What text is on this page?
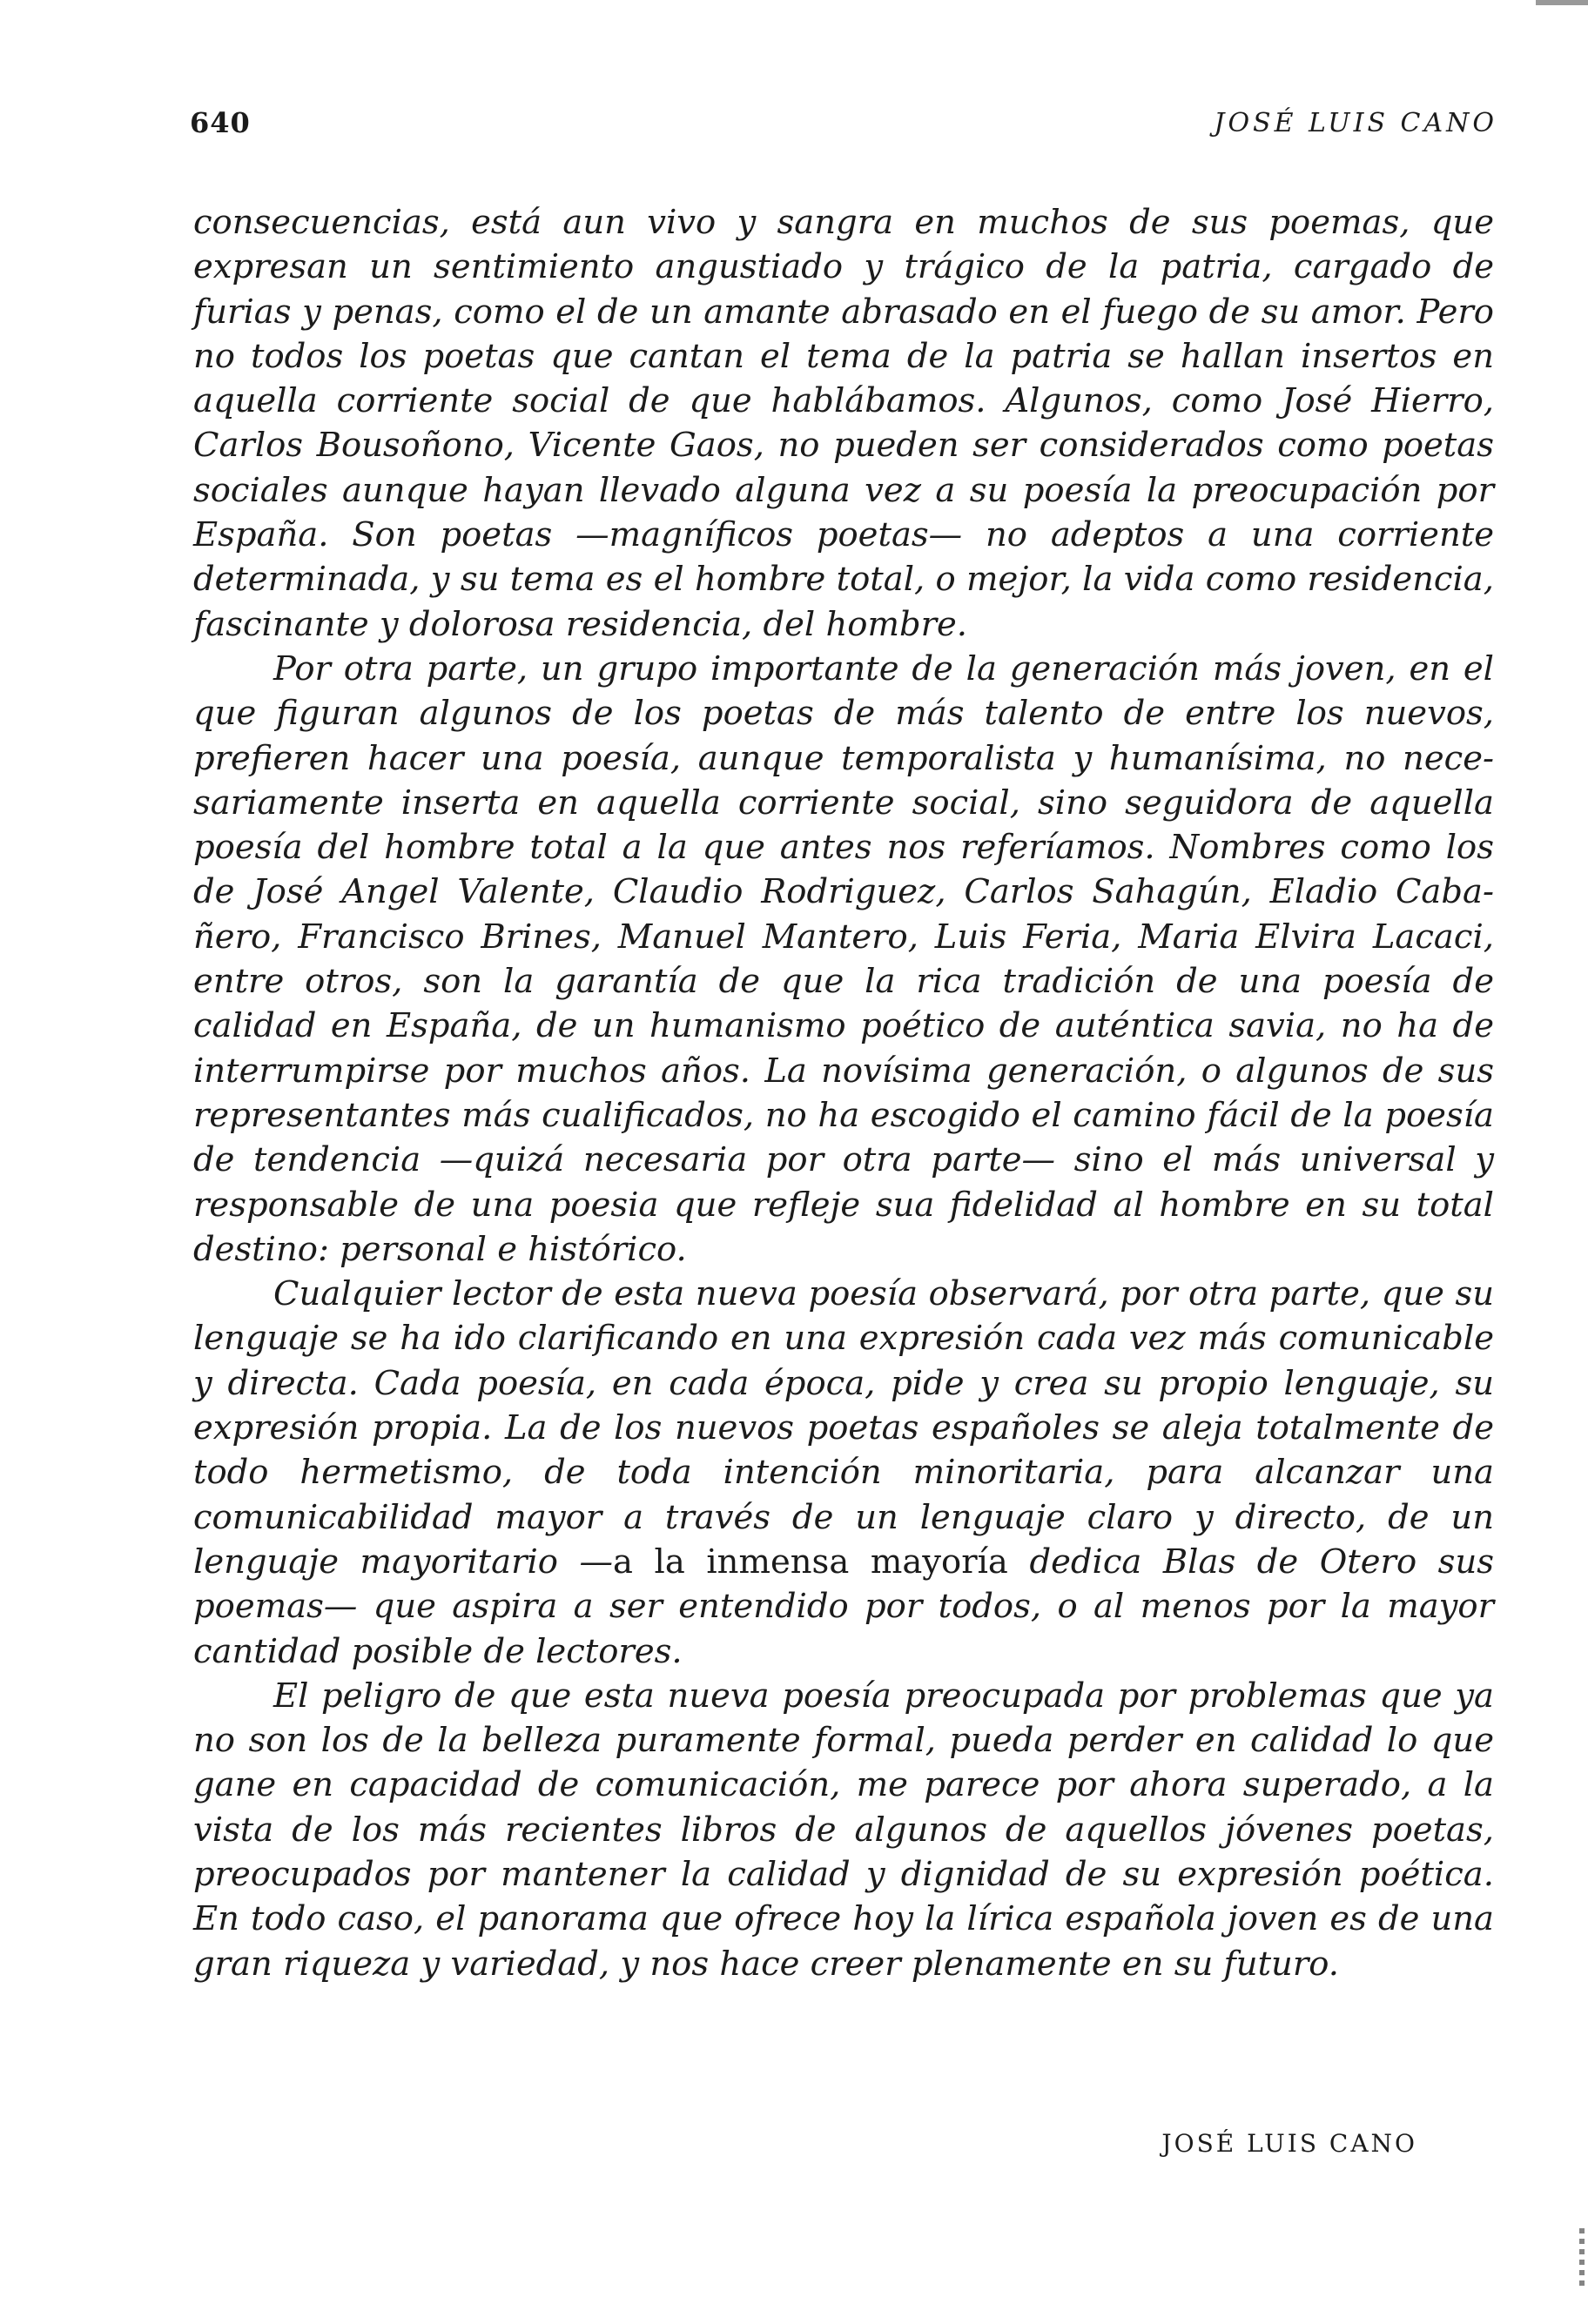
640	JOSÉ LUIS CANO

consecuencias, está aun vivo y sangra en muchos de sus poemas, que expresan un sentimiento angustiado y trágico de la patria, cargado de furias y penas, como el de un amante abrasado en el fuego de su amor. Pero no todos los poetas que cantan el tema de la patria se hallan insertos en aquella corriente social de que hablábamos. Algunos, como José Hierro, Carlos Bousoñono, Vicente Gaos, no pueden ser considerados como poetas sociales aunque hayan llevado alguna vez a su poesía la preocupación por España. Son poetas —magníficos poetas— no adeptos a una corriente determinada, y su tema es el hombre total, o mejor, la vida como residencia, fascinante y dolorosa residencia, del hombre.

Por otra parte, un grupo importante de la generación más joven, en el que figuran algunos de los poetas de más talento de entre los nuevos, prefieren hacer una poesía, aunque temporalista y humanísima, no necesariamente inserta en aquella corriente social, sino seguidora de aquella poesía del hombre total a la que antes nos referíamos. Nombres como los de José Angel Valente, Claudio Rodriguez, Carlos Sahagún, Eladio Cabañero, Francisco Brines, Manuel Mantero, Luis Feria, Maria Elvira Lacaci, entre otros, son la garantía de que la rica tradición de una poesía de calidad en España, de un humanismo poético de auténtica savia, no ha de interrumpirse por muchos años. La novísima generación, o algunos de sus representantes más cualificados, no ha escogido el camino fácil de la poesía de tendencia —quizá necesaria por otra parte— sino el más universal y responsable de una poesia que refleje sua fidelidad al hombre en su total destino: personal e histórico.

Cualquier lector de esta nueva poesía observará, por otra parte, que su lenguaje se ha ido clarificando en una expresión cada vez más comunicable y directa. Cada poesía, en cada época, pide y crea su propio lenguaje, su expresión propia. La de los nuevos poetas españoles se aleja totalmente de todo hermetismo, de toda intención minoritaria, para alcanzar una comunicabilidad mayor a través de un lenguaje claro y directo, de un lenguaje mayoritario —a la inmensa mayoría dedica Blas de Otero sus poemas— que aspira a ser entendido por todos, o al menos por la mayor cantidad posible de lectores.

El peligro de que esta nueva poesía preocupada por problemas que ya no son los de la belleza puramente formal, pueda perder en calidad lo que gane en capacidad de comunicación, me parece por ahora superado, a la vista de los más recientes libros de algunos de aquellos jóvenes poetas, preocupados por mantener la calidad y dignidad de su expresión poética. En todo caso, el panorama que ofrece hoy la lírica española joven es de una gran riqueza y variedad, y nos hace creer plenamente en su futuro.

JOSÉ LUIS CANO
